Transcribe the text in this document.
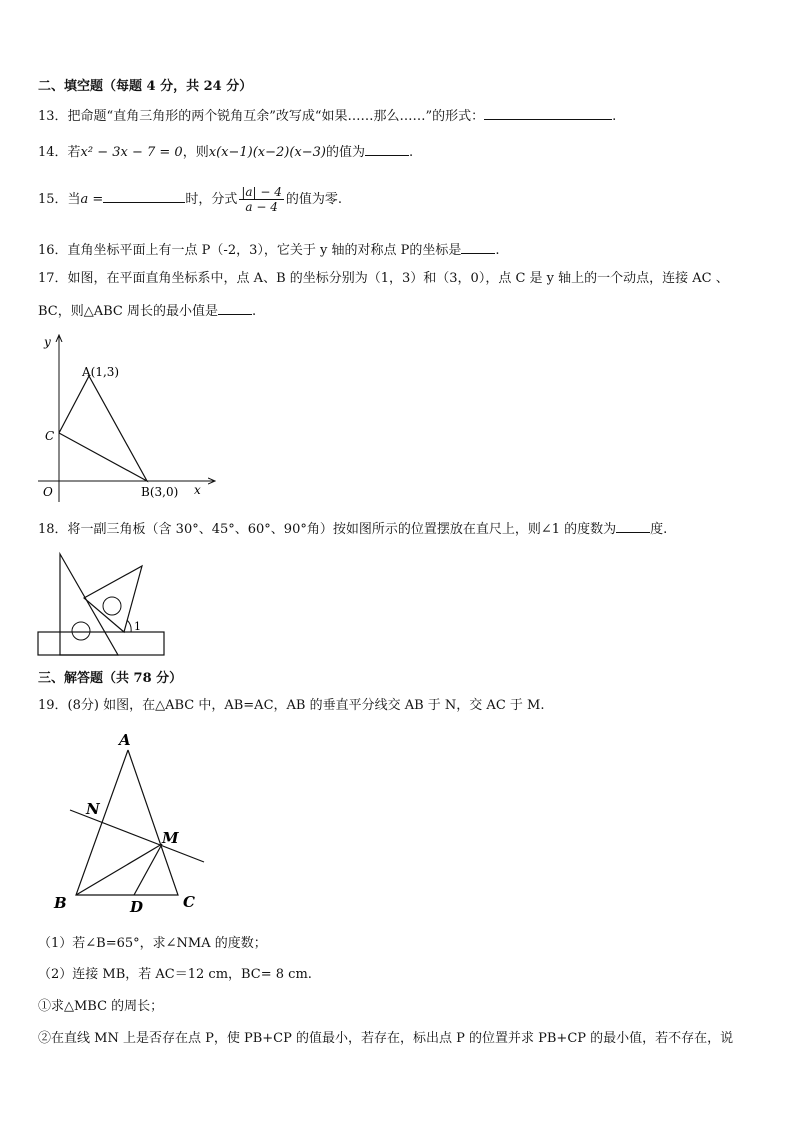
二、填空题（每题 4 分，共 24 分）
13．把命题“直角三角形的两个锐角互余”改写成“如果……那么……”的形式：	.
14．若x² − 3x − 7 = 0，则x(x−1)(x−2)(x−3)的值为	.
15．当a =	时，分式 $\frac{|a| - 4}{a - 4}$ 的值为零.
16．直角坐标平面上有一点 P（-2，3），它关于 y 轴的对称点 P的坐标是	.
17．如图，在平面直角坐标系中，点 A、B 的坐标分别为（1，3）和（3，0），点 C 是 y 轴上的一个动点，连接 AC 、
BC，则△ABC 周长的最小值是	.
y
x
O
A(1,3)
B(3,0)
C
18．将一副三角板（含 30°、45°、60°、90°角）按如图所示的位置摆放在直尺上，则∠1 的度数为	度.
1
三、解答题（共 78 分）
19．(8分) 如图，在△ABC 中，AB=AC，AB 的垂直平分线交 AB 于 N，交 AC 于 M.
A
B	C
N
M
D
（1）若∠B=65°，求∠NMA 的度数；
（2）连接 MB，若 AC＝12 cm，BC= 8 cm.
①求△MBC 的周长；
②在直线 MN 上是否存在点 P，使 PB+CP 的值最小，若存在，标出点 P 的位置并求 PB+CP 的最小值，若不存在，说
